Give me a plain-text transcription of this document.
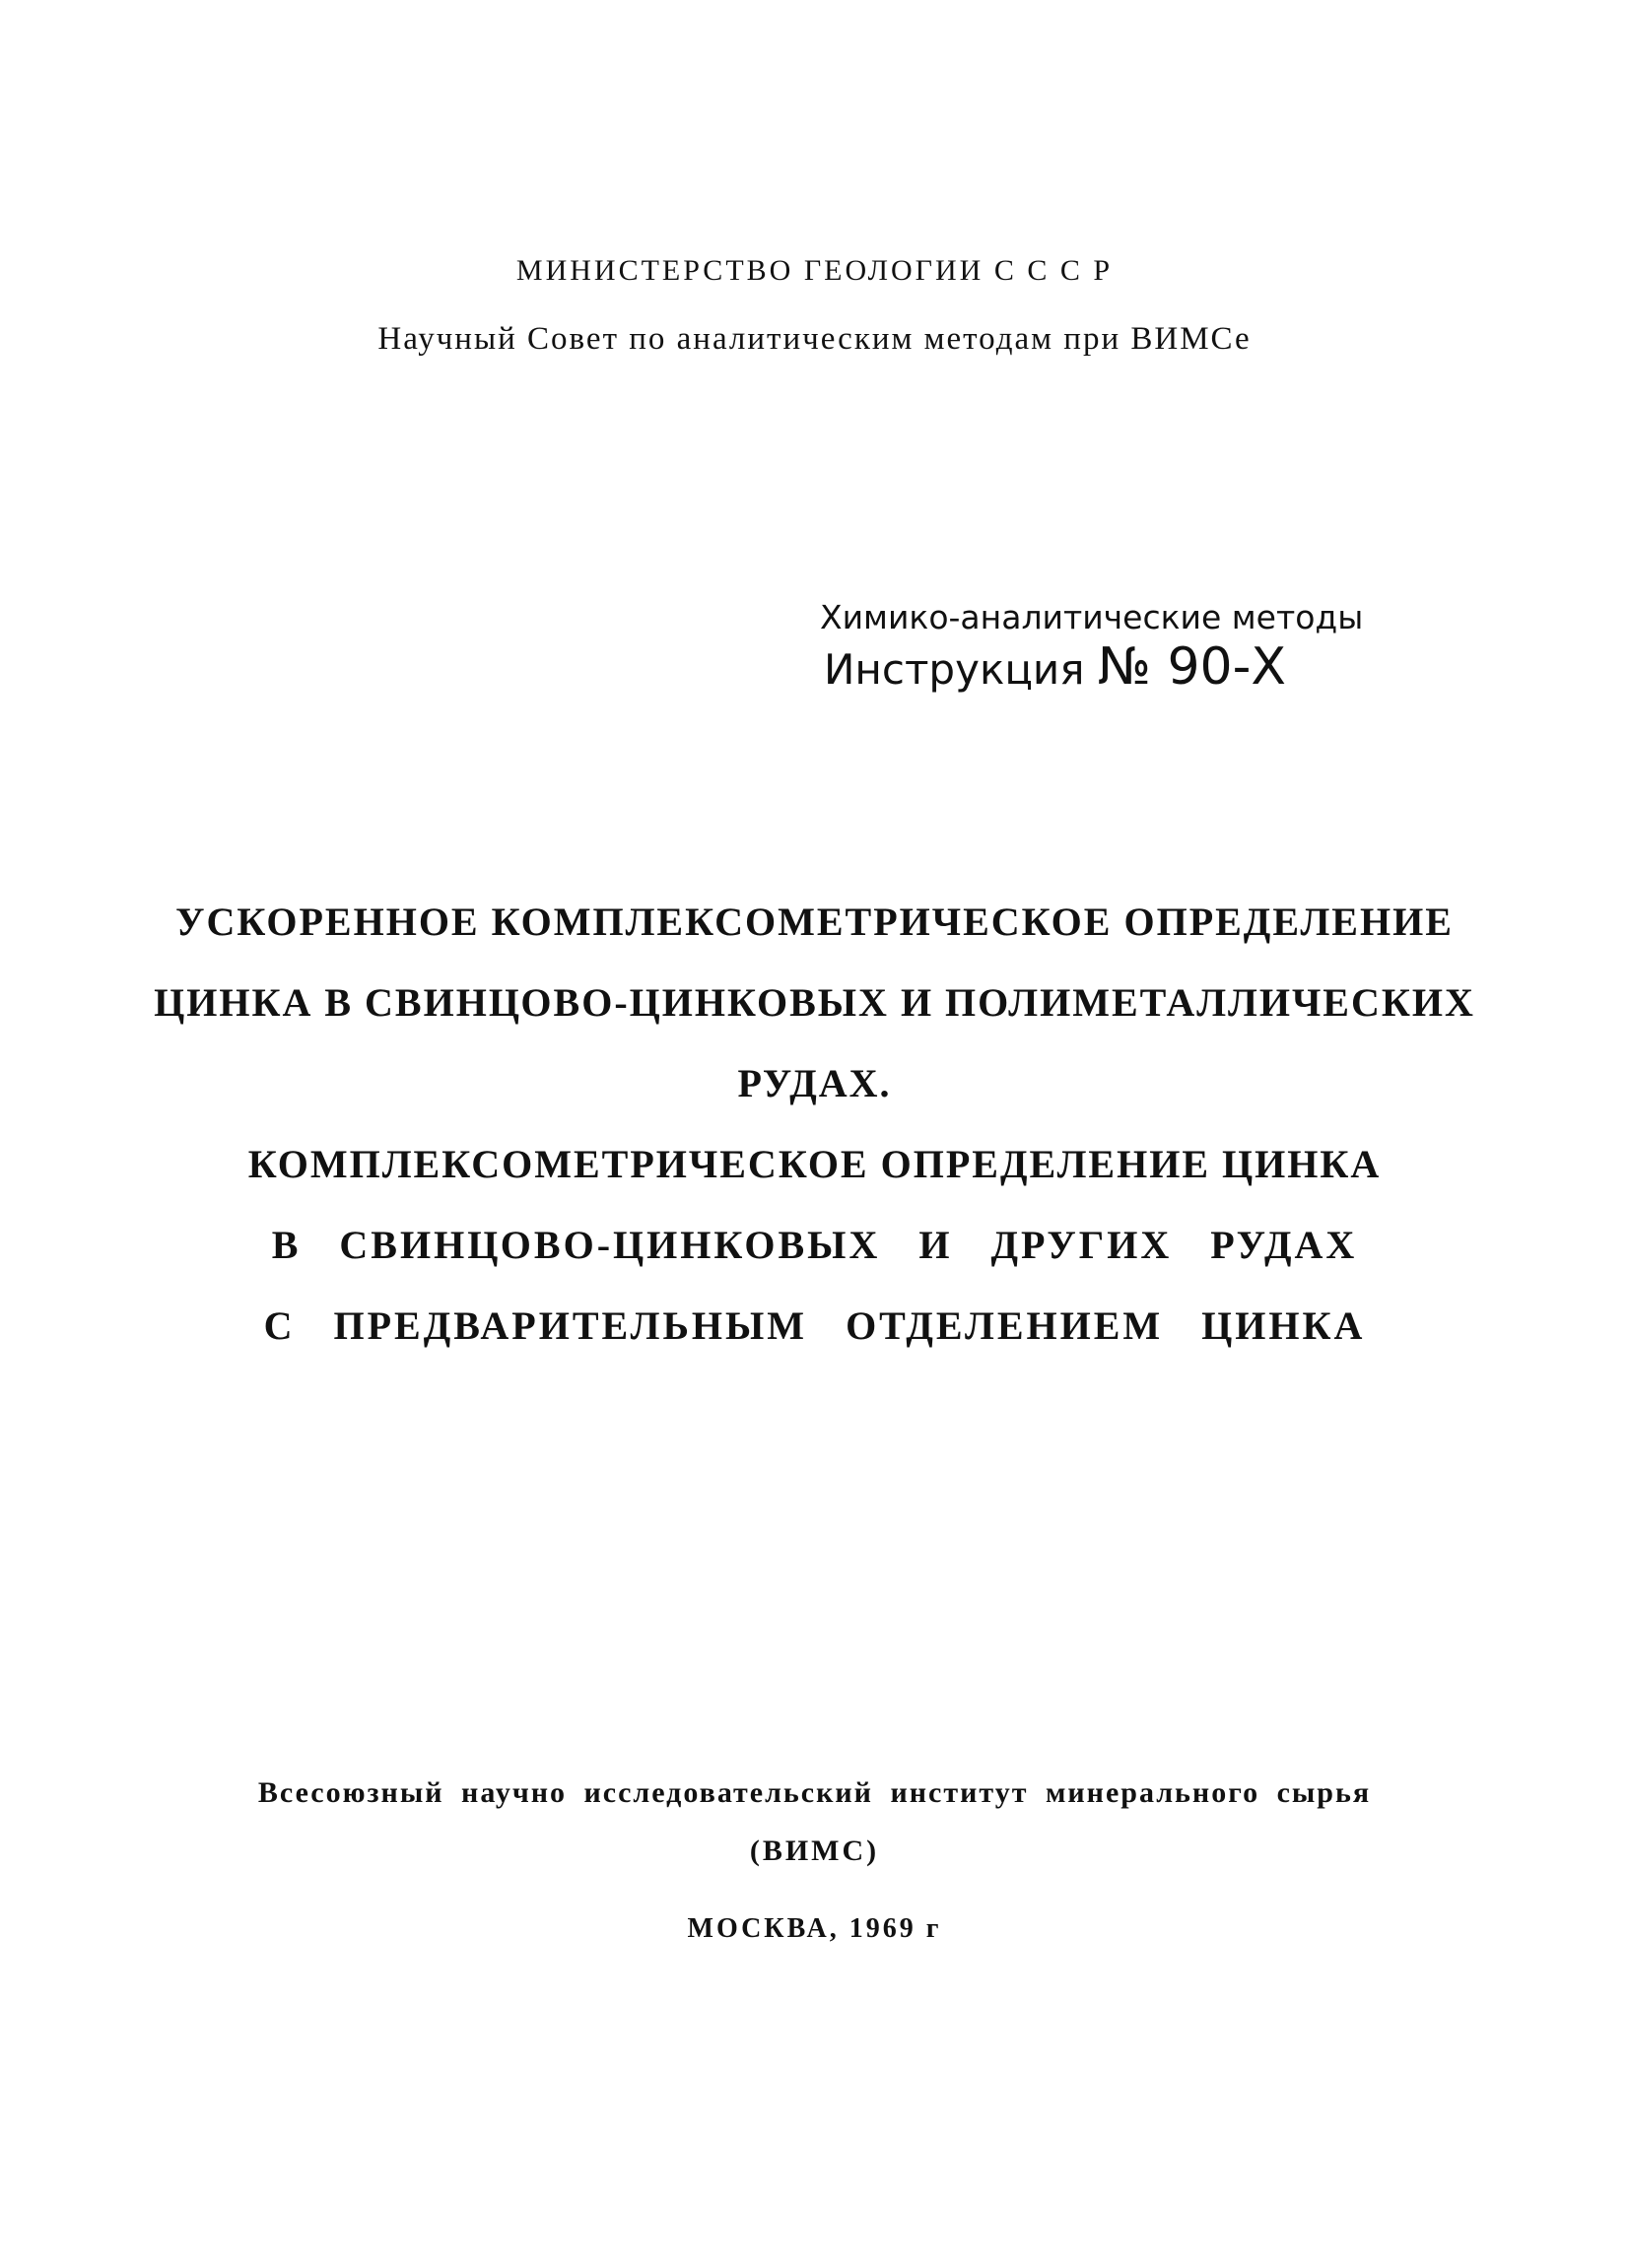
МИНИСТЕРСТВО ГЕОЛОГИИ С С С Р
Научный Совет по аналитическим методам при ВИМСе
Химико-аналитические методы
Инструкция № 90-Х
УСКОРЕННОЕ КОМПЛЕКСОМЕТРИЧЕСКОЕ ОПРЕДЕЛЕНИЕ
ЦИНКА В СВИНЦОВО-ЦИНКОВЫХ И ПОЛИМЕТАЛЛИЧЕСКИХ
РУДАХ.
КОМПЛЕКСОМЕТРИЧЕСКОЕ ОПРЕДЕЛЕНИЕ ЦИНКА
В СВИНЦОВО-ЦИНКОВЫХ И ДРУГИХ РУДАХ
С ПРЕДВАРИТЕЛЬНЫМ ОТДЕЛЕНИЕМ ЦИНКА
Всесоюзный научно исследовательский институт минерального сырья
(ВИМС)
МОСКВА, 1969 г
